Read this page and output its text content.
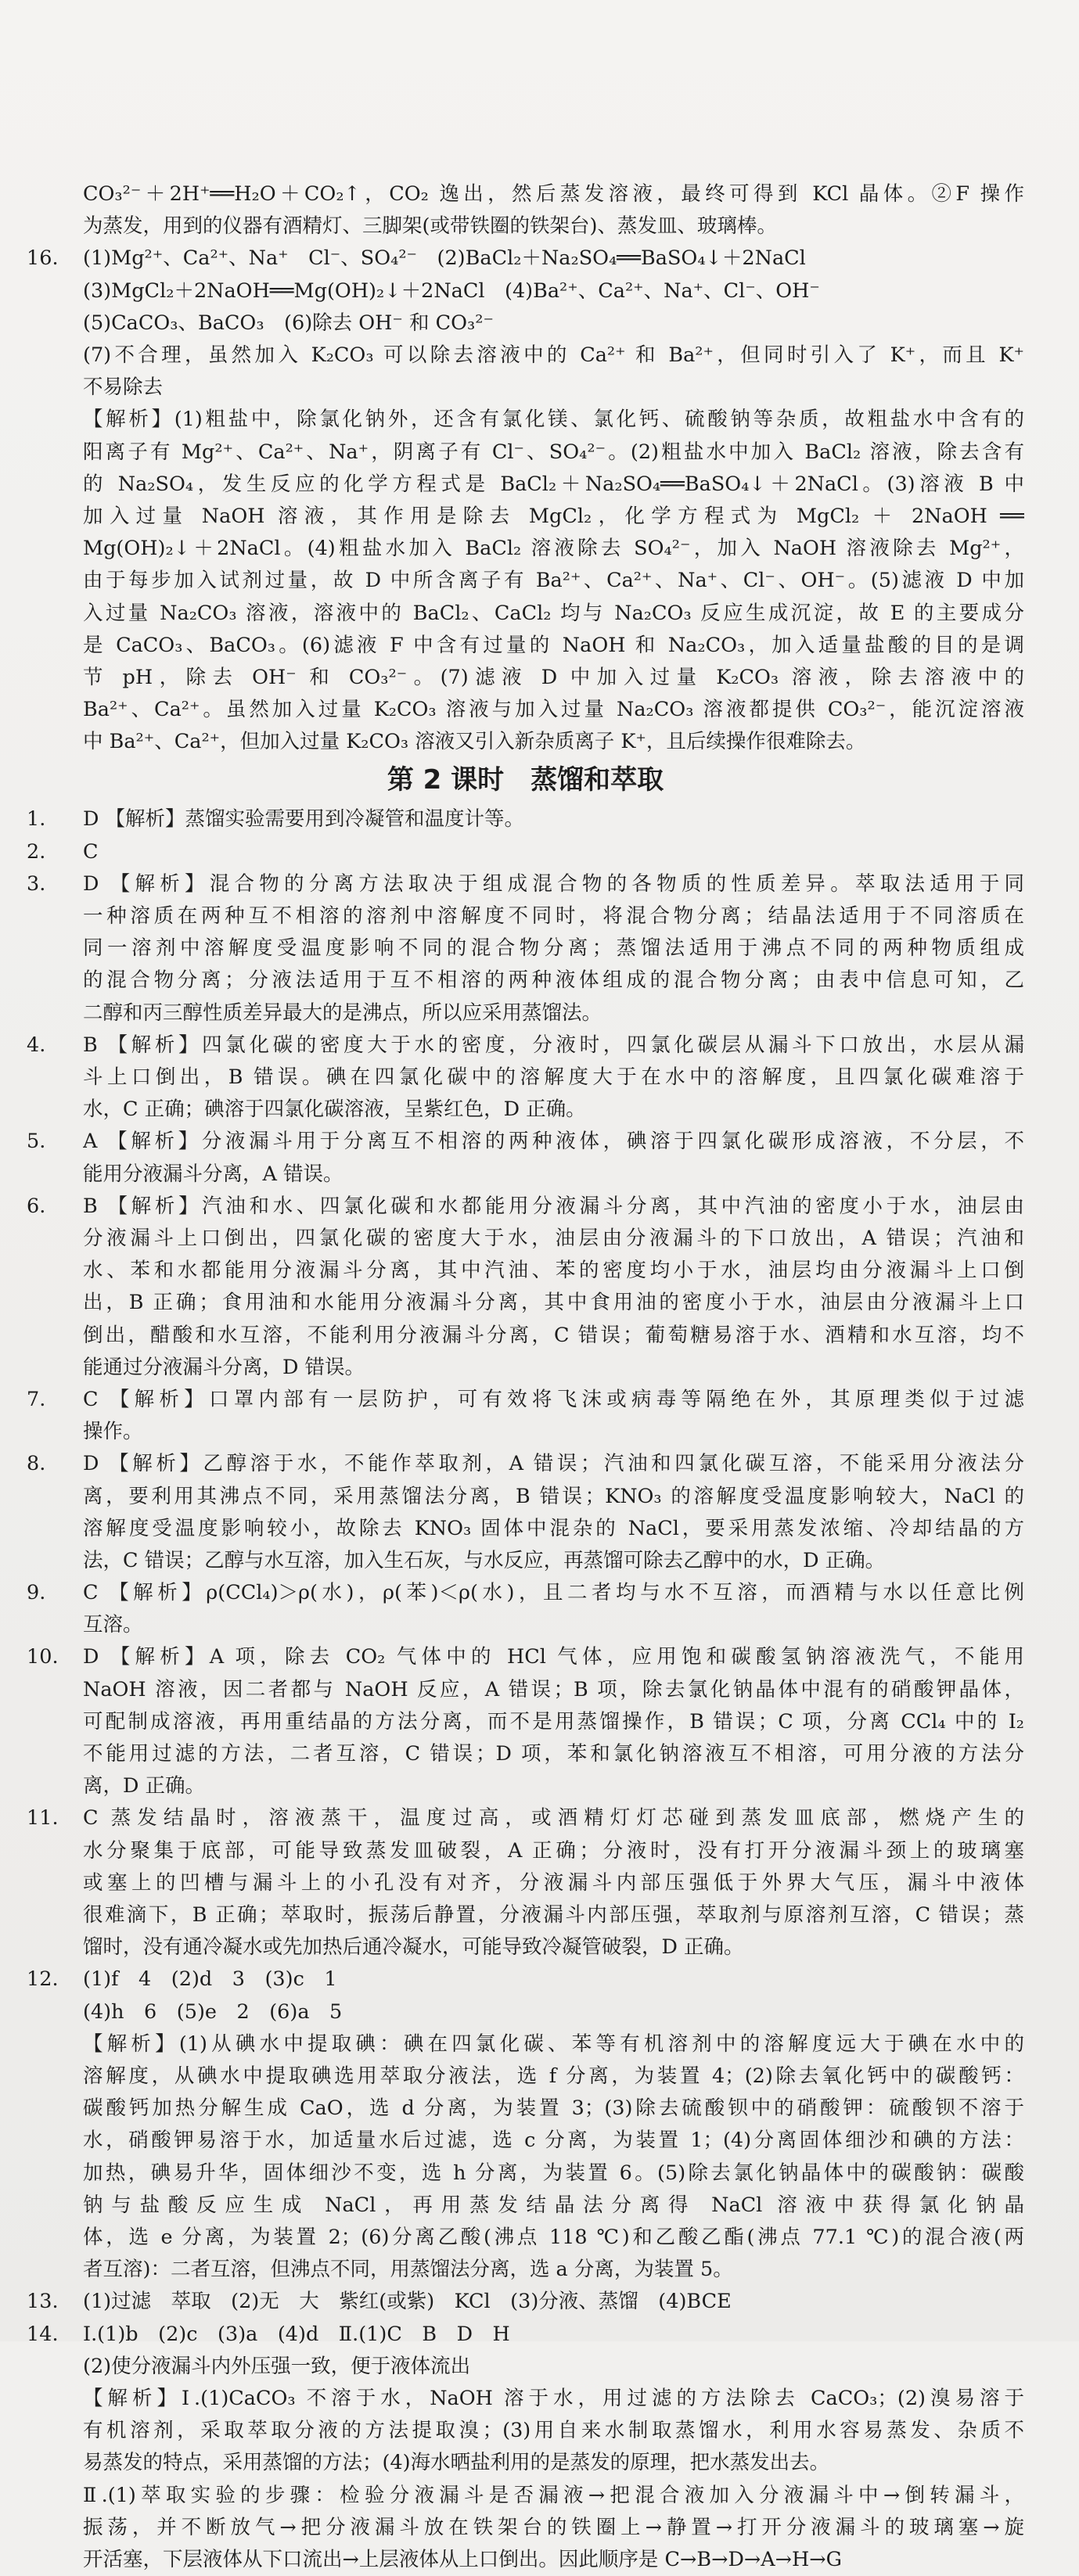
CO₃²⁻＋2H⁺══H₂O＋CO₂↑，CO₂ 逸出，然后蒸发溶液，最终可得到 KCl 晶体。②F 操作
为蒸发，用到的仪器有酒精灯、三脚架(或带铁圈的铁架台)、蒸发皿、玻璃棒。
16.	(1)Mg²⁺、Ca²⁺、Na⁺　Cl⁻、SO₄²⁻　(2)BaCl₂＋Na₂SO₄══BaSO₄↓＋2NaCl
(3)MgCl₂＋2NaOH══Mg(OH)₂↓＋2NaCl　(4)Ba²⁺、Ca²⁺、Na⁺、Cl⁻、OH⁻
(5)CaCO₃、BaCO₃　(6)除去 OH⁻ 和 CO₃²⁻
(7)不合理，虽然加入 K₂CO₃ 可以除去溶液中的 Ca²⁺ 和 Ba²⁺，但同时引入了 K⁺，而且 K⁺
不易除去
【解析】(1)粗盐中，除氯化钠外，还含有氯化镁、氯化钙、硫酸钠等杂质，故粗盐水中含有的
阳离子有 Mg²⁺、Ca²⁺、Na⁺，阴离子有 Cl⁻、SO₄²⁻。(2)粗盐水中加入 BaCl₂ 溶液，除去含有
的 Na₂SO₄，发生反应的化学方程式是 BaCl₂＋Na₂SO₄══BaSO₄↓＋2NaCl。(3)溶液 B 中
加入过量 NaOH 溶液，其作用是除去 MgCl₂，化学方程式为 MgCl₂ ＋ 2NaOH ══
Mg(OH)₂↓＋2NaCl。(4)粗盐水加入 BaCl₂ 溶液除去 SO₄²⁻，加入 NaOH 溶液除去 Mg²⁺，
由于每步加入试剂过量，故 D 中所含离子有 Ba²⁺、Ca²⁺、Na⁺、Cl⁻、OH⁻。(5)滤液 D 中加
入过量 Na₂CO₃ 溶液，溶液中的 BaCl₂、CaCl₂ 均与 Na₂CO₃ 反应生成沉淀，故 E 的主要成分
是 CaCO₃、BaCO₃。(6)滤液 F 中含有过量的 NaOH 和 Na₂CO₃，加入适量盐酸的目的是调
节 pH，除去 OH⁻ 和 CO₃²⁻。(7)滤液 D 中加入过量 K₂CO₃ 溶液，除去溶液中的
Ba²⁺、Ca²⁺。虽然加入过量 K₂CO₃ 溶液与加入过量 Na₂CO₃ 溶液都提供 CO₃²⁻，能沉淀溶液
中 Ba²⁺、Ca²⁺，但加入过量 K₂CO₃ 溶液又引入新杂质离子 K⁺，且后续操作很难除去。
第 2 课时　蒸馏和萃取
1.	D 【解析】蒸馏实验需要用到冷凝管和温度计等。
2.	C
3.	D 【解析】混合物的分离方法取决于组成混合物的各物质的性质差异。萃取法适用于同
一种溶质在两种互不相溶的溶剂中溶解度不同时，将混合物分离；结晶法适用于不同溶质在
同一溶剂中溶解度受温度影响不同的混合物分离；蒸馏法适用于沸点不同的两种物质组成
的混合物分离；分液法适用于互不相溶的两种液体组成的混合物分离；由表中信息可知，乙
二醇和丙三醇性质差异最大的是沸点，所以应采用蒸馏法。
4.	B 【解析】四氯化碳的密度大于水的密度，分液时，四氯化碳层从漏斗下口放出，水层从漏
斗上口倒出，B 错误。碘在四氯化碳中的溶解度大于在水中的溶解度，且四氯化碳难溶于
水，C 正确；碘溶于四氯化碳溶液，呈紫红色，D 正确。
5.	A 【解析】分液漏斗用于分离互不相溶的两种液体，碘溶于四氯化碳形成溶液，不分层，不
能用分液漏斗分离，A 错误。
6.	B 【解析】汽油和水、四氯化碳和水都能用分液漏斗分离，其中汽油的密度小于水，油层由
分液漏斗上口倒出，四氯化碳的密度大于水，油层由分液漏斗的下口放出，A 错误；汽油和
水、苯和水都能用分液漏斗分离，其中汽油、苯的密度均小于水，油层均由分液漏斗上口倒
出，B 正确；食用油和水能用分液漏斗分离，其中食用油的密度小于水，油层由分液漏斗上口
倒出，醋酸和水互溶，不能利用分液漏斗分离，C 错误；葡萄糖易溶于水、酒精和水互溶，均不
能通过分液漏斗分离，D 错误。
7.	C 【解析】口罩内部有一层防护，可有效将飞沫或病毒等隔绝在外，其原理类似于过滤
操作。
8.	D 【解析】乙醇溶于水，不能作萃取剂，A 错误；汽油和四氯化碳互溶，不能采用分液法分
离，要利用其沸点不同，采用蒸馏法分离，B 错误；KNO₃ 的溶解度受温度影响较大，NaCl 的
溶解度受温度影响较小，故除去 KNO₃ 固体中混杂的 NaCl，要采用蒸发浓缩、冷却结晶的方
法，C 错误；乙醇与水互溶，加入生石灰，与水反应，再蒸馏可除去乙醇中的水，D 正确。
9.	C 【解析】ρ(CCl₄)＞ρ(水)，ρ(苯)＜ρ(水)，且二者均与水不互溶，而酒精与水以任意比例
互溶。
10.	D 【解析】A 项，除去 CO₂ 气体中的 HCl 气体，应用饱和碳酸氢钠溶液洗气，不能用
NaOH 溶液，因二者都与 NaOH 反应，A 错误；B 项，除去氯化钠晶体中混有的硝酸钾晶体，
可配制成溶液，再用重结晶的方法分离，而不是用蒸馏操作，B 错误；C 项，分离 CCl₄ 中的 I₂
不能用过滤的方法，二者互溶，C 错误；D 项，苯和氯化钠溶液互不相溶，可用分液的方法分
离，D 正确。
11.	C 蒸发结晶时，溶液蒸干，温度过高，或酒精灯灯芯碰到蒸发皿底部，燃烧产生的
水分聚集于底部，可能导致蒸发皿破裂，A 正确；分液时，没有打开分液漏斗颈上的玻璃塞
或塞上的凹槽与漏斗上的小孔没有对齐，分液漏斗内部压强低于外界大气压，漏斗中液体
很难滴下，B 正确；萃取时，振荡后静置，分液漏斗内部压强，萃取剂与原溶剂互溶，C 错误；蒸
馏时，没有通冷凝水或先加热后通冷凝水，可能导致冷凝管破裂，D 正确。
12.	(1)f　4　(2)d　3　(3)c　1
(4)h　6　(5)e　2　(6)a　5
【解析】(1)从碘水中提取碘：碘在四氯化碳、苯等有机溶剂中的溶解度远大于碘在水中的
溶解度，从碘水中提取碘选用萃取分液法，选 f 分离，为装置 4；(2)除去氧化钙中的碳酸钙：
碳酸钙加热分解生成 CaO，选 d 分离，为装置 3；(3)除去硫酸钡中的硝酸钾：硫酸钡不溶于
水，硝酸钾易溶于水，加适量水后过滤，选 c 分离，为装置 1；(4)分离固体细沙和碘的方法：
加热，碘易升华，固体细沙不变，选 h 分离，为装置 6。(5)除去氯化钠晶体中的碳酸钠：碳酸
钠与盐酸反应生成 NaCl，再用蒸发结晶法分离得 NaCl 溶液中获得氯化钠晶
体，选 e 分离，为装置 2；(6)分离乙酸(沸点 118 ℃)和乙酸乙酯(沸点 77.1 ℃)的混合液(两
者互溶)：二者互溶，但沸点不同，用蒸馏法分离，选 a 分离，为装置 5。
13.	(1)过滤　萃取　(2)无　大　紫红(或紫)　KCl　(3)分液、蒸馏　(4)BCE
14.	Ⅰ.(1)b　(2)c　(3)a　(4)d　Ⅱ.(1)C　B　D　H
(2)使分液漏斗内外压强一致，便于液体流出
【解析】Ⅰ.(1)CaCO₃ 不溶于水，NaOH 溶于水，用过滤的方法除去 CaCO₃；(2)溴易溶于
有机溶剂，采取萃取分液的方法提取溴；(3)用自来水制取蒸馏水，利用水容易蒸发、杂质不
易蒸发的特点，采用蒸馏的方法；(4)海水晒盐利用的是蒸发的原理，把水蒸发出去。
Ⅱ.(1)萃取实验的步骤：检验分液漏斗是否漏液→把混合液加入分液漏斗中→倒转漏斗，
振荡，并不断放气→把分液漏斗放在铁架台的铁圈上→静置→打开分液漏斗的玻璃塞→旋
开活塞，下层液体从下口流出→上层液体从上口倒出。因此顺序是 C→B→D→A→H→G
